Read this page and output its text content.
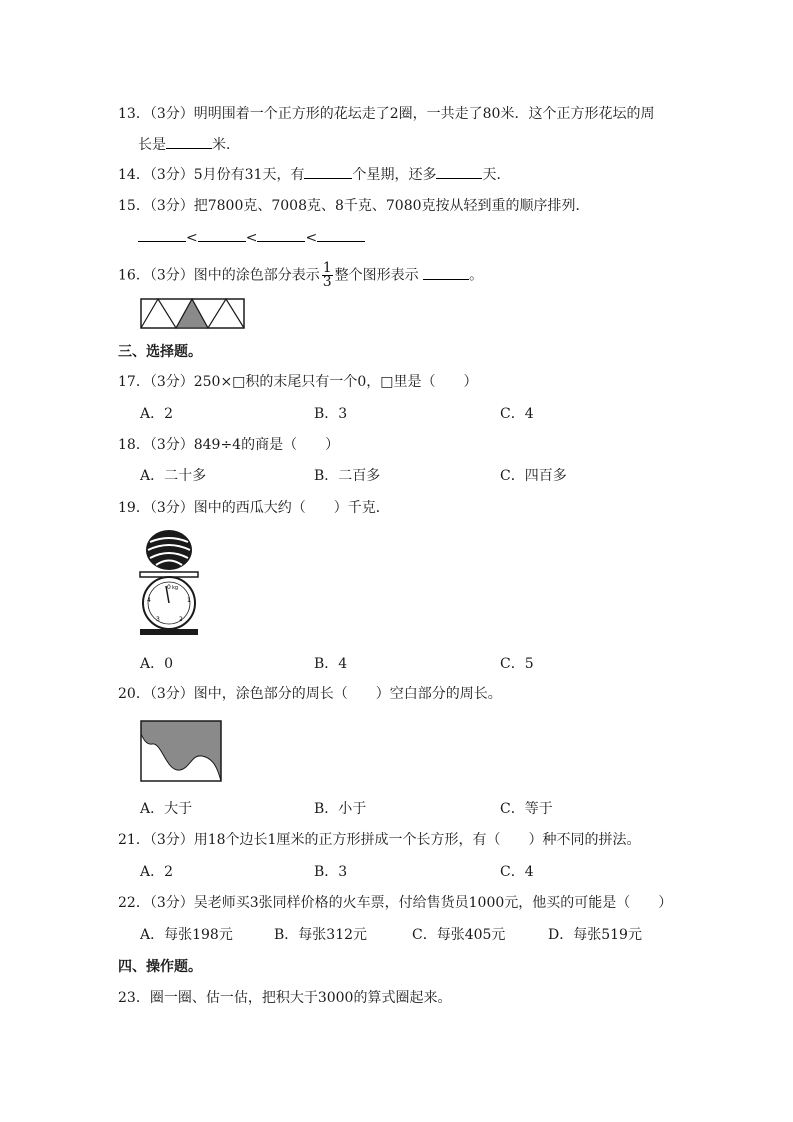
13．（3分）明明围着一个正方形的花坛走了2圈，一共走了80米．这个正方形花坛的周
长是	米．
14．（3分）5月份有31天，有	个星期，还多	天．
15．（3分）把7800克、7008克、8千克、7080克按从轻到重的顺序排列．
<	<	<
16．（3分）图中的涂色部分表示 $\frac{1}{3}$ 整个图形表示	。
三、选择题。
17．（3分）250×□积的末尾只有一个0，□里是（　　）
A．2	B．3	C．4
18．（3分）849÷4的商是（　　）
A．二十多	B．二百多	C．四百多
19．（3分）图中的西瓜大约（　　）千克．
0 kg
1
2
3
4
A．0	B．4	C．5
20．（3分）图中，涂色部分的周长（　　）空白部分的周长。
A．大于	B．小于	C．等于
21．（3分）用18个边长1厘米的正方形拼成一个长方形，有（　　）种不同的拼法。
A．2	B．3	C．4
22．（3分）吴老师买3张同样价格的火车票，付给售货员1000元，他买的可能是（　　）
A．每张198元	B．每张312元	C．每张405元	D．每张519元
四、操作题。
23．圈一圈、估一估，把积大于3000的算式圈起来。
